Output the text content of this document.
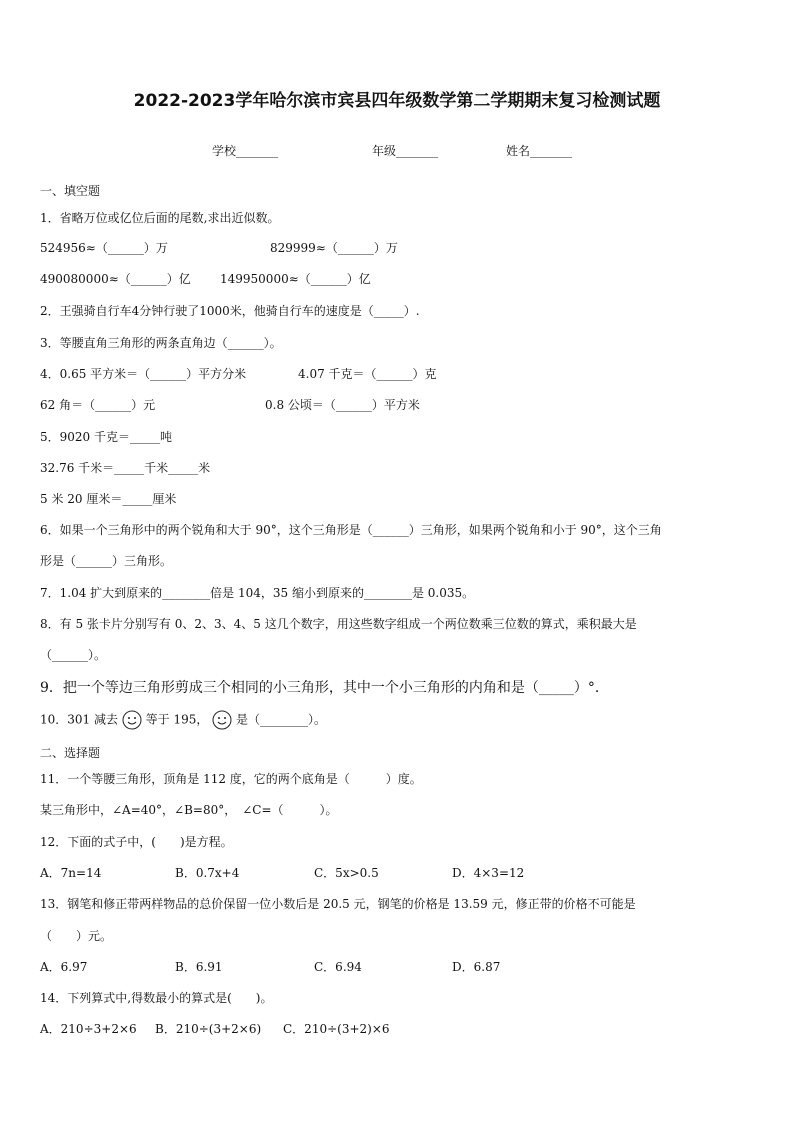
2022-2023学年哈尔滨市宾县四年级数学第二学期期末复习检测试题
学校_______	年级_______	姓名_______
一、填空题
1．省略万位或亿位后面的尾数,求出近似数。
524956≈（______）万	829999≈（______）万
490080000≈（______）亿 149950000≈（______）亿
2．王强骑自行车4分钟行驶了1000米，他骑自行车的速度是（_____）.
3．等腰直角三角形的两条直角边（______）。
4．0.65 平方米＝（______）平方分米	4.07 千克＝（______）克
62 角＝（______）元	0.8 公顷＝（______）平方米
5．9020 千克＝_____吨
32.76 千米＝_____千米_____米
5 米 20 厘米＝_____厘米
6．如果一个三角形中的两个锐角和大于 90°，这个三角形是（______）三角形，如果两个锐角和小于 90°，这个三角
形是（______）三角形。
7．1.04 扩大到原来的________倍是 104，35 缩小到原来的________是 0.035。
8．有 5 张卡片分别写有 0、2、3、4、5 这几个数字，用这些数字组成一个两位数乘三位数的算式，乘积最大是
（______）。
9．把一个等边三角形剪成三个相同的小三角形，其中一个小三角形的内角和是（_____）°．
10．301 减去 等于 195， 是（________）。
二、选择题
11．一个等腰三角形，顶角是 112 度，它的两个底角是（　　　）度。
某三角形中，∠A=40°，∠B=80°，　∠C=（　　　）。
12．下面的式子中，(　　)是方程。
A．7n=14	B．0.7x+4	C．5x>0.5	D．4×3=12
13．钢笔和修正带两样物品的总价保留一位小数后是 20.5 元，钢笔的价格是 13.59 元，修正带的价格不可能是
（　　）元。
A．6.97	B．6.91	C．6.94	D．6.87
14．下列算式中,得数最小的算式是(　　)。
A．210÷3+2×6 B．210÷(3+2×6) C．210÷(3+2)×6
